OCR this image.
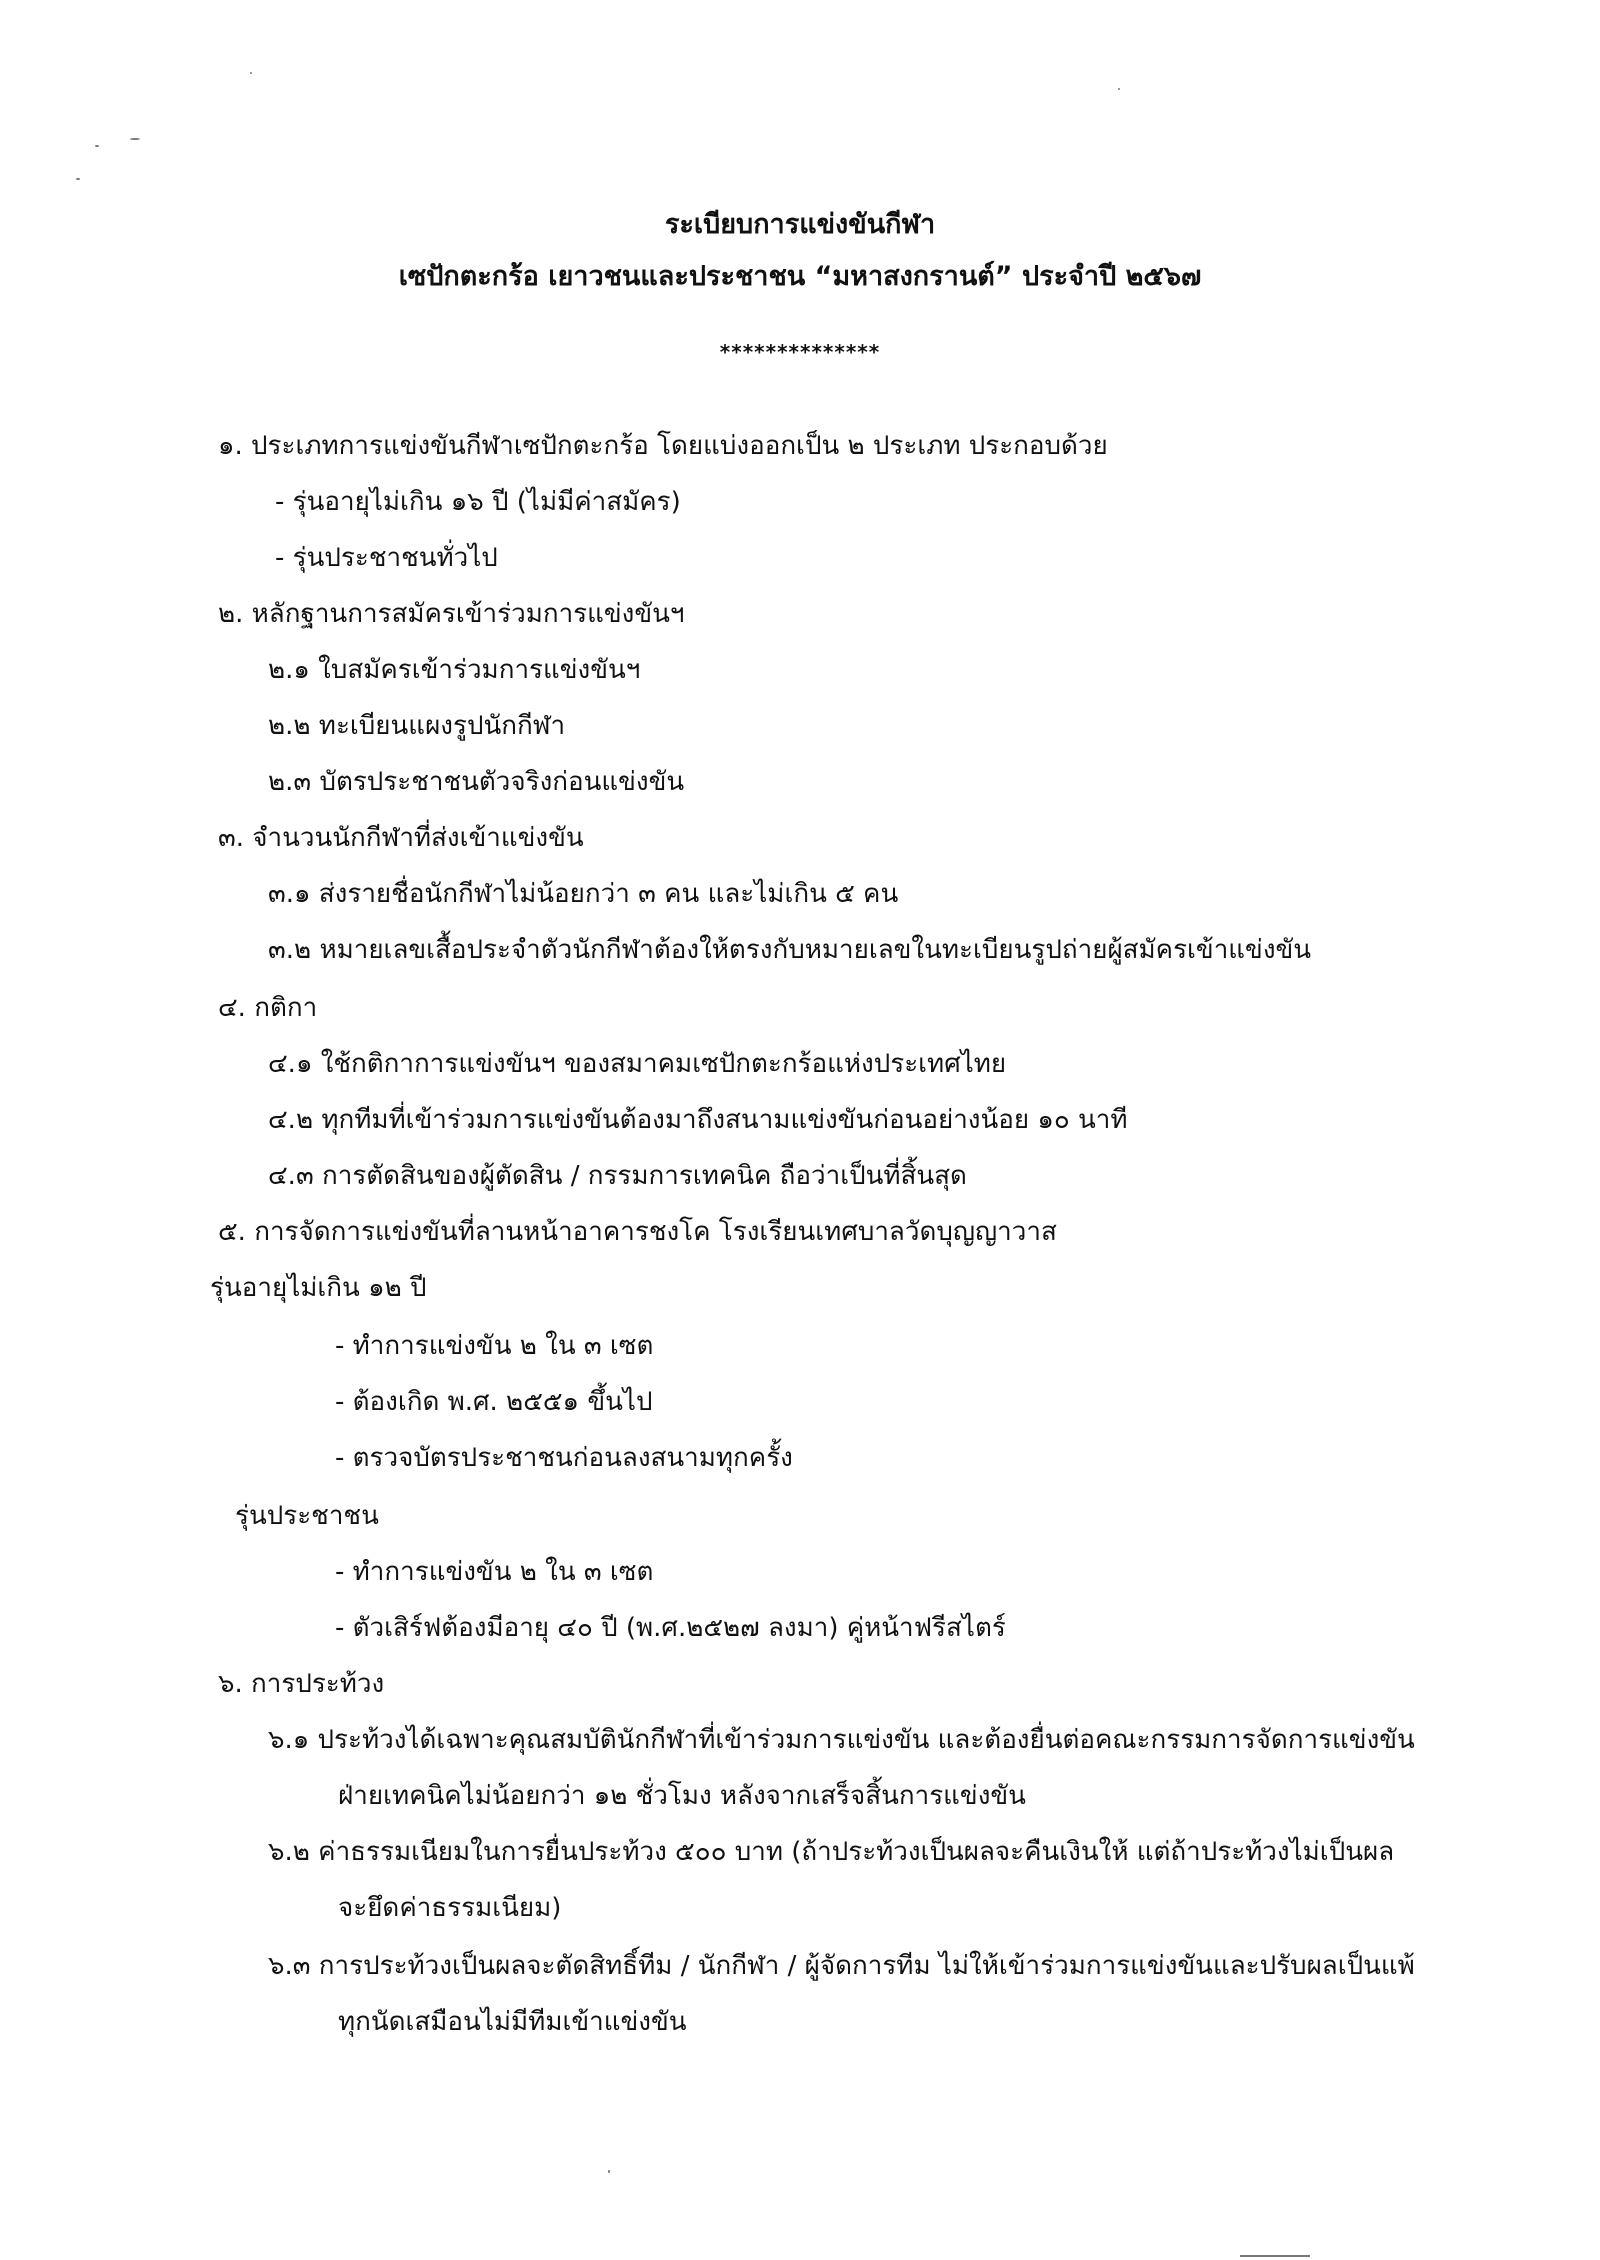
ระเบียบการแข่งขันกีฬา
เซปักตะกร้อ เยาวชนและประชาชน “มหาสงกรานต์” ประจำปี ๒๕๖๗
**************
๑. ประเภทการแข่งขันกีฬาเซปักตะกร้อ โดยแบ่งออกเป็น ๒ ประเภท ประกอบด้วย
- รุ่นอายุไม่เกิน ๑๖ ปี (ไม่มีค่าสมัคร)
- รุ่นประชาชนทั่วไป
๒. หลักฐานการสมัครเข้าร่วมการแข่งขันฯ
๒.๑ ใบสมัครเข้าร่วมการแข่งขันฯ
๒.๒ ทะเบียนแผงรูปนักกีฬา
๒.๓ บัตรประชาชนตัวจริงก่อนแข่งขัน
๓. จำนวนนักกีฬาที่ส่งเข้าแข่งขัน
๓.๑ ส่งรายชื่อนักกีฬาไม่น้อยกว่า ๓ คน และไม่เกิน ๕ คน
๓.๒ หมายเลขเสื้อประจำตัวนักกีฬาต้องให้ตรงกับหมายเลขในทะเบียนรูปถ่ายผู้สมัครเข้าแข่งขัน
๔. กติกา
๔.๑ ใช้กติกาการแข่งขันฯ ของสมาคมเซปักตะกร้อแห่งประเทศไทย
๔.๒ ทุกทีมที่เข้าร่วมการแข่งขันต้องมาถึงสนามแข่งขันก่อนอย่างน้อย ๑๐ นาที
๔.๓ การตัดสินของผู้ตัดสิน / กรรมการเทคนิค ถือว่าเป็นที่สิ้นสุด
๕. การจัดการแข่งขันที่ลานหน้าอาคารชงโค โรงเรียนเทศบาลวัดบุญญาวาส
รุ่นอายุไม่เกิน ๑๒ ปี
- ทำการแข่งขัน ๒ ใน ๓ เซต
- ต้องเกิด พ.ศ. ๒๕๕๑ ขึ้นไป
- ตรวจบัตรประชาชนก่อนลงสนามทุกครั้ง
รุ่นประชาชน
- ทำการแข่งขัน ๒ ใน ๓ เซต
- ตัวเสิร์ฟต้องมีอายุ ๔๐ ปี (พ.ศ.๒๕๒๗ ลงมา) คู่หน้าฟรีสไตร์
๖. การประท้วง
๖.๑ ประท้วงได้เฉพาะคุณสมบัตินักกีฬาที่เข้าร่วมการแข่งขัน และต้องยื่นต่อคณะกรรมการจัดการแข่งขัน
ฝ่ายเทคนิคไม่น้อยกว่า ๑๒ ชั่วโมง หลังจากเสร็จสิ้นการแข่งขัน
๖.๒ ค่าธรรมเนียมในการยื่นประท้วง ๕๐๐ บาท (ถ้าประท้วงเป็นผลจะคืนเงินให้ แต่ถ้าประท้วงไม่เป็นผล
จะยึดค่าธรรมเนียม)
๖.๓ การประท้วงเป็นผลจะตัดสิทธิ์ทีม / นักกีฬา / ผู้จัดการทีม ไม่ให้เข้าร่วมการแข่งขันและปรับผลเป็นแพ้
ทุกนัดเสมือนไม่มีทีมเข้าแข่งขัน
